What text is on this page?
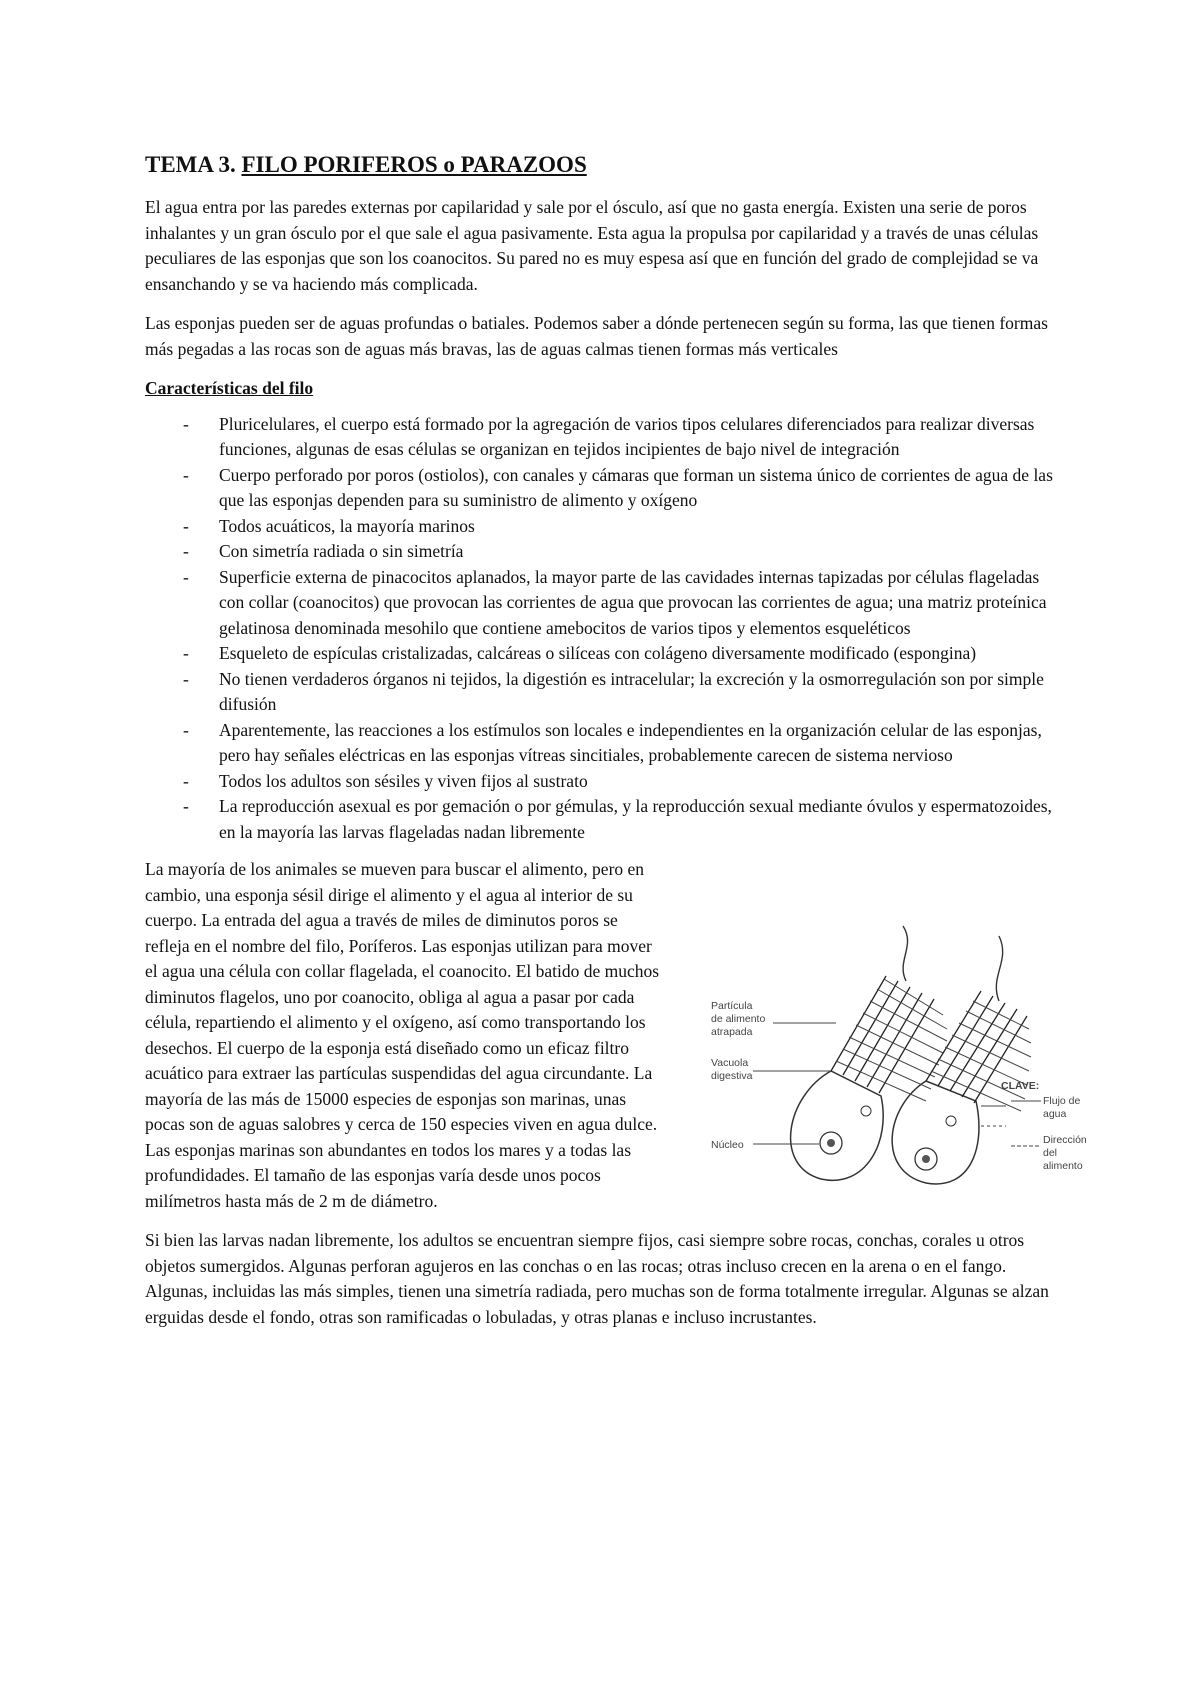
TEMA 3. FILO PORIFEROS o PARAZOOS

El agua entra por las paredes externas por capilaridad y sale por el ósculo, así que no gasta energía. Existen una serie de poros inhalantes y un gran ósculo por el que sale el agua pasivamente. Esta agua la propulsa por capilaridad y a través de unas células peculiares de las esponjas que son los coanocitos. Su pared no es muy espesa así que en función del grado de complejidad se va ensanchando y se va haciendo más complicada.

Las esponjas pueden ser de aguas profundas o batiales. Podemos saber a dónde pertenecen según su forma, las que tienen formas más pegadas a las rocas son de aguas más bravas, las de aguas calmas tienen formas más verticales

Características del filo
- Pluricelulares, el cuerpo está formado por la agregación de varios tipos celulares diferenciados para realizar diversas funciones, algunas de esas células se organizan en tejidos incipientes de bajo nivel de integración
- Cuerpo perforado por poros (ostiolos), con canales y cámaras que forman un sistema único de corrientes de agua de las que las esponjas dependen para su suministro de alimento y oxígeno
- Todos acuáticos, la mayoría marinos
- Con simetría radiada o sin simetría
- Superficie externa de pinacocitos aplanados, la mayor parte de las cavidades internas tapizadas por células flageladas con collar (coanocitos) que provocan las corrientes de agua que provocan las corrientes de agua; una matriz proteínica gelatinosa denominada mesohilo que contiene amebocitos de varios tipos y elementos esqueléticos
- Esqueleto de espículas cristalizadas, calcáreas o silíceas con colágeno diversamente modificado (espongina)
- No tienen verdaderos órganos ni tejidos, la digestión es intracelular; la excreción y la osmorregulación son por simple difusión
- Aparentemente, las reacciones a los estímulos son locales e independientes en la organización celular de las esponjas, pero hay señales eléctricas en las esponjas vítreas sincitiales, probablemente carecen de sistema nervioso
- Todos los adultos son sésiles y viven fijos al sustrato
- La reproducción asexual es por gemación o por gémulas, y la reproducción sexual mediante óvulos y espermatozoides, en la mayoría las larvas flageladas nadan libremente
Partícula
de alimento
atrapada
Vacuola
digestiva
Núcleo
CLAVE:
Flujo de
agua
Dirección
del
alimento

La mayoría de los animales se mueven para buscar el alimento, pero en cambio, una esponja sésil dirige el alimento y el agua al interior de su cuerpo. La entrada del agua a través de miles de diminutos poros se refleja en el nombre del filo, Poríferos. Las esponjas utilizan para mover el agua una célula con collar flagelada, el coanocito. El batido de muchos diminutos flagelos, uno por coanocito, obliga al agua a pasar por cada célula, repartiendo el alimento y el oxígeno, así como transportando los desechos. El cuerpo de la esponja está diseñado como un eficaz filtro acuático para extraer las partículas suspendidas del agua circundante. La mayoría de las más de 15000 especies de esponjas son marinas, unas pocas son de aguas salobres y cerca de 150 especies viven en agua dulce. Las esponjas marinas son abundantes en todos los mares y a todas las profundidades. El tamaño de las esponjas varía desde unos pocos milímetros hasta más de 2 m de diámetro.

Si bien las larvas nadan libremente, los adultos se encuentran siempre fijos, casi siempre sobre rocas, conchas, corales u otros objetos sumergidos. Algunas perforan agujeros en las conchas o en las rocas; otras incluso crecen en la arena o en el fango. Algunas, incluidas las más simples, tienen una simetría radiada, pero muchas son de forma totalmente irregular. Algunas se alzan erguidas desde el fondo, otras son ramificadas o lobuladas, y otras planas e incluso incrustantes.
